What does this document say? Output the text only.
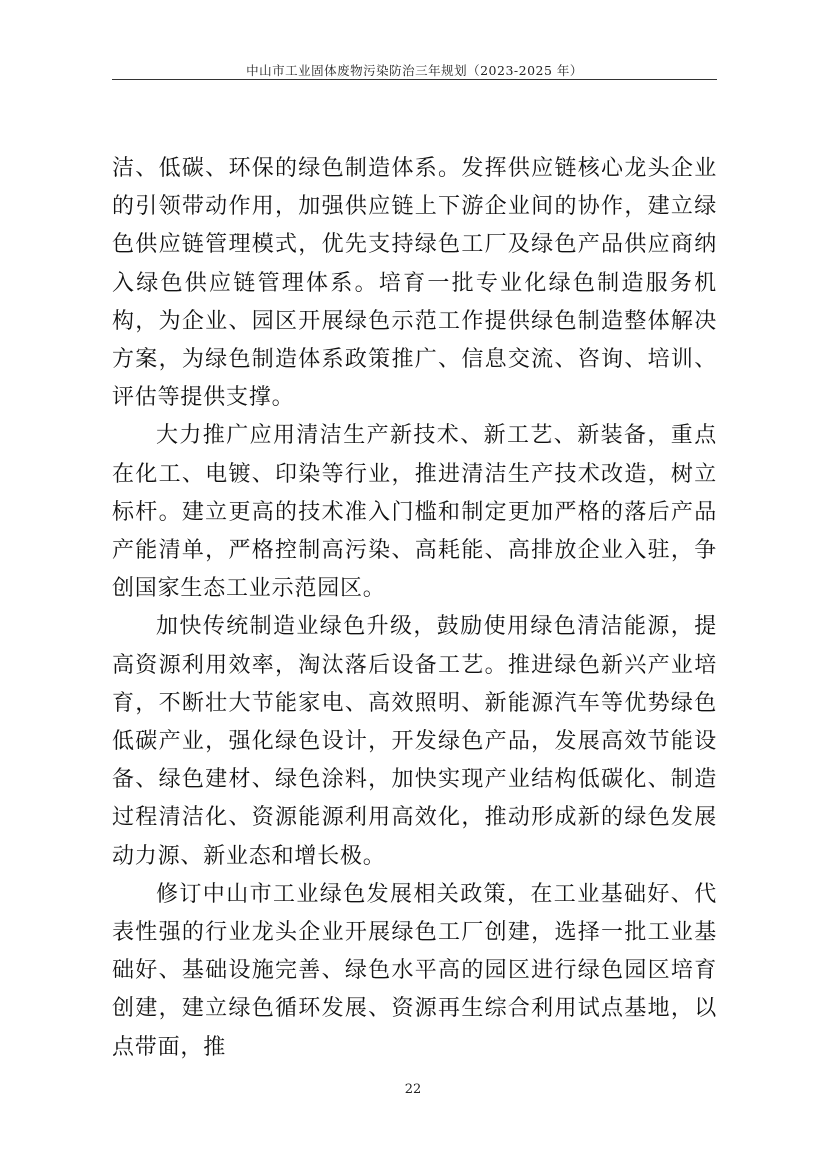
中山市工业固体废物污染防治三年规划（2023-2025 年）

洁、低碳、环保的绿色制造体系。发挥供应链核心龙头企业的引领带动作用，加强供应链上下游企业间的协作，建立绿色供应链管理模式，优先支持绿色工厂及绿色产品供应商纳入绿色供应链管理体系。培育一批专业化绿色制造服务机构，为企业、园区开展绿色示范工作提供绿色制造整体解决方案，为绿色制造体系政策推广、信息交流、咨询、培训、评估等提供支撑。

大力推广应用清洁生产新技术、新工艺、新装备，重点在化工、电镀、印染等行业，推进清洁生产技术改造，树立标杆。建立更高的技术准入门槛和制定更加严格的落后产品产能清单，严格控制高污染、高耗能、高排放企业入驻，争创国家生态工业示范园区。

加快传统制造业绿色升级，鼓励使用绿色清洁能源，提高资源利用效率，淘汰落后设备工艺。推进绿色新兴产业培育，不断壮大节能家电、高效照明、新能源汽车等优势绿色低碳产业，强化绿色设计，开发绿色产品，发展高效节能设备、绿色建材、绿色涂料，加快实现产业结构低碳化、制造过程清洁化、资源能源利用高效化，推动形成新的绿色发展动力源、新业态和增长极。

修订中山市工业绿色发展相关政策，在工业基础好、代表性强的行业龙头企业开展绿色工厂创建，选择一批工业基础好、基础设施完善、绿色水平高的园区进行绿色园区培育创建，建立绿色循环发展、资源再生综合利用试点基地，以点带面，推

22
